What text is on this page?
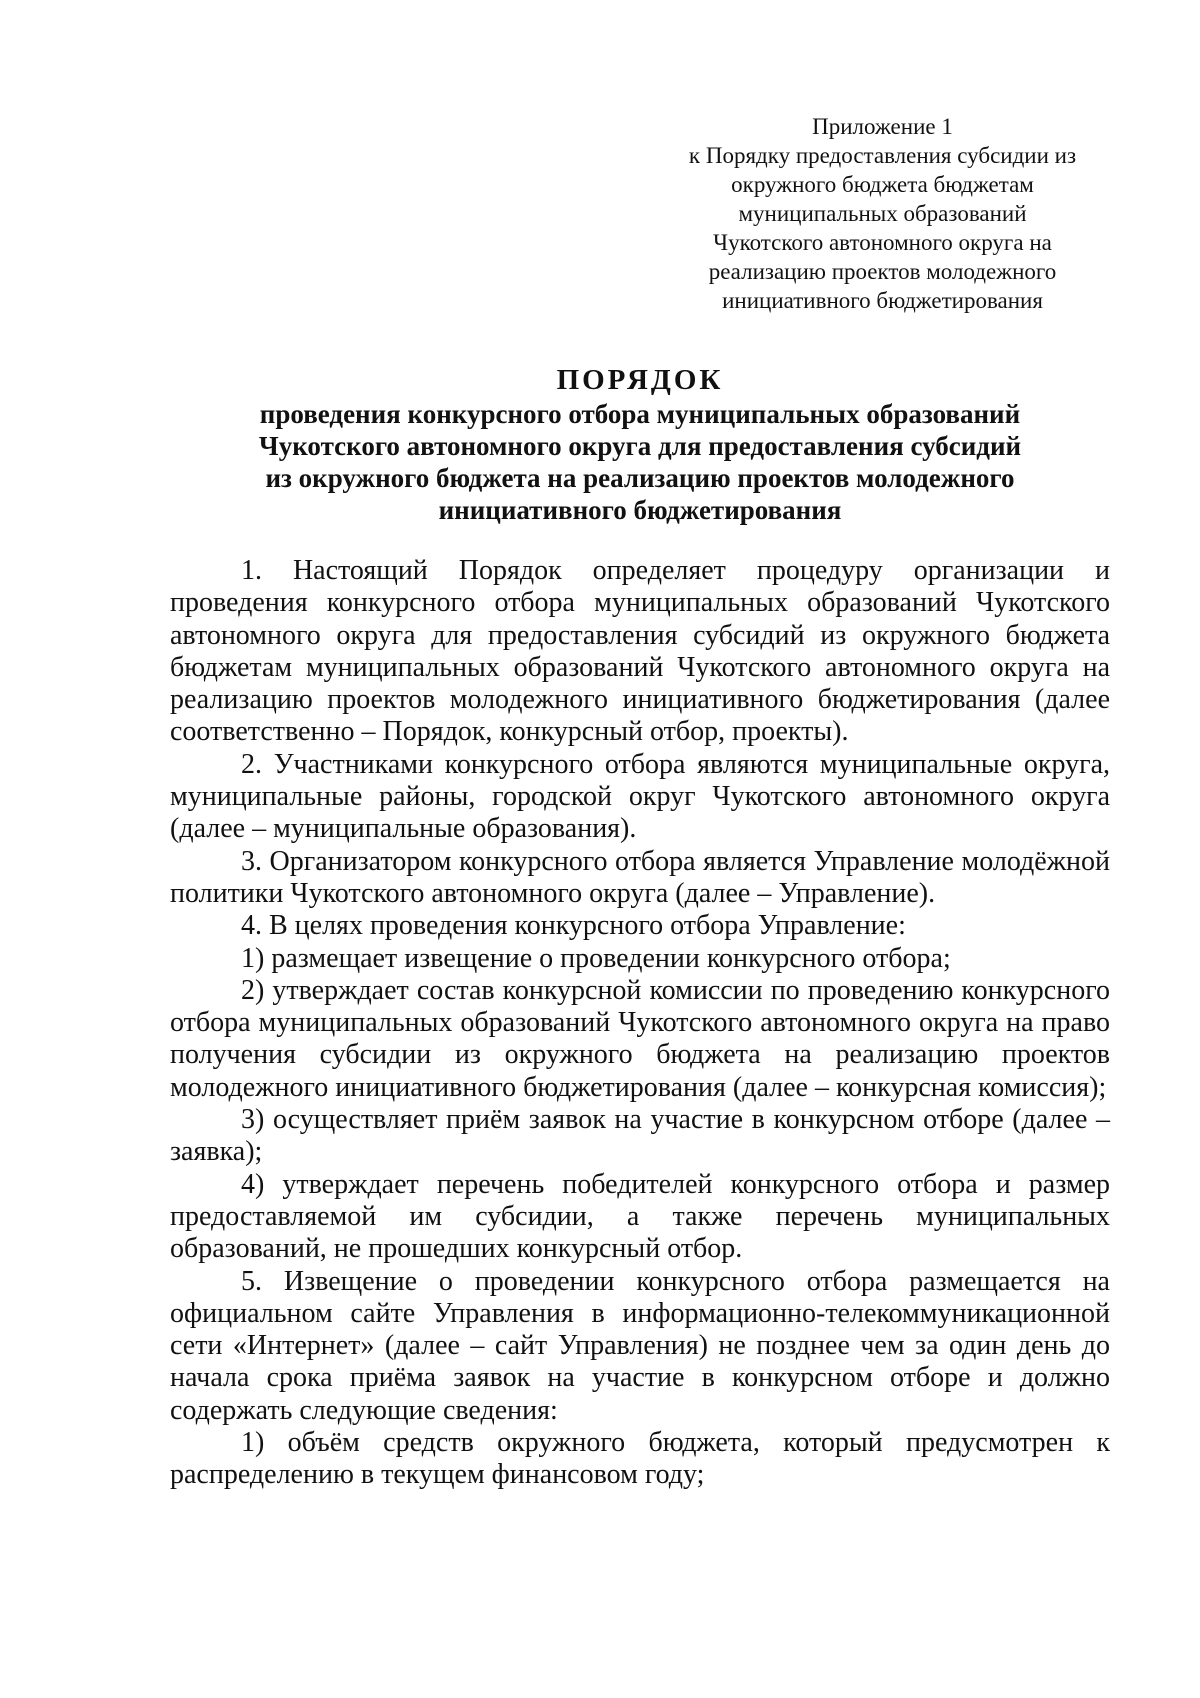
Приложение 1
к Порядку предоставления субсидии из
окружного бюджета бюджетам
муниципальных образований
Чукотского автономного округа на
реализацию проектов молодежного
инициативного бюджетирования
ПОРЯДОК
проведения конкурсного отбора муниципальных образований
Чукотского автономного округа для предоставления субсидий
из окружного бюджета на реализацию проектов молодежного
инициативного бюджетирования

1. Настоящий Порядок определяет процедуру организации и проведения конкурсного отбора муниципальных образований Чукотского автономного округа для предоставления субсидий из окружного бюджета бюджетам муниципальных образований Чукотского автономного округа на реализацию проектов молодежного инициативного бюджетирования (далее соответственно – Порядок, конкурсный отбор, проекты).

2. Участниками конкурсного отбора являются муниципальные округа, муниципальные районы, городской округ Чукотского автономного округа (далее – муниципальные образования).

3. Организатором конкурсного отбора является Управление молодёжной политики Чукотского автономного округа (далее – Управление).

4. В целях проведения конкурсного отбора Управление:

1) размещает извещение о проведении конкурсного отбора;

2) утверждает состав конкурсной комиссии по проведению конкурсного отбора муниципальных образований Чукотского автономного округа на право получения субсидии из окружного бюджета на реализацию проектов молодежного инициативного бюджетирования (далее – конкурсная комиссия);

3) осуществляет приём заявок на участие в конкурсном отборе (далее – заявка);

4) утверждает перечень победителей конкурсного отбора и размер предоставляемой им субсидии, а также перечень муниципальных образований, не прошедших конкурсный отбор.

5. Извещение о проведении конкурсного отбора размещается на официальном сайте Управления в информационно-телекоммуникационной сети «Интернет» (далее – сайт Управления) не позднее чем за один день до начала срока приёма заявок на участие в конкурсном отборе и должно содержать следующие сведения:

1) объём средств окружного бюджета, который предусмотрен к распределению в текущем финансовом году;
